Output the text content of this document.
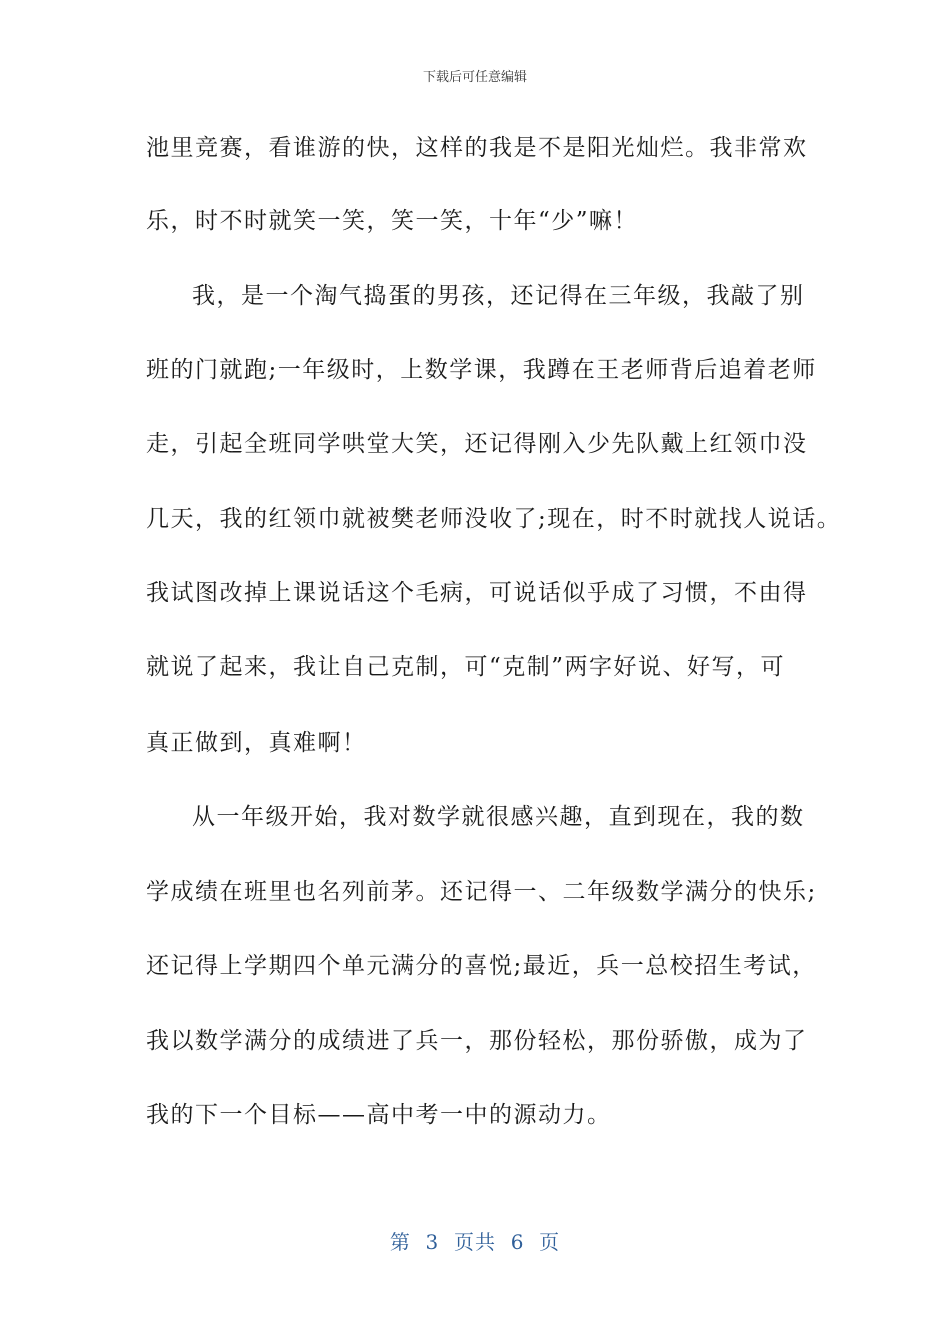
下载后可任意编辑
池里竞赛，看谁游的快，这样的我是不是阳光灿烂。我非常欢
乐，时不时就笑一笑，笑一笑，十年“少”嘛！
我，是一个淘气捣蛋的男孩，还记得在三年级，我敲了别
班的门就跑;一年级时，上数学课，我蹲在王老师背后追着老师
走，引起全班同学哄堂大笑，还记得刚入少先队戴上红领巾没
几天，我的红领巾就被樊老师没收了;现在，时不时就找人说话。
我试图改掉上课说话这个毛病，可说话似乎成了习惯，不由得
就说了起来，我让自己克制，可“克制”两字好说、好写，可
真正做到，真难啊！
从一年级开始，我对数学就很感兴趣，直到现在，我的数
学成绩在班里也名列前茅。还记得一、二年级数学满分的快乐;
还记得上学期四个单元满分的喜悦;最近，兵一总校招生考试，
我以数学满分的成绩进了兵一，那份轻松，那份骄傲，成为了
我的下一个目标——高中考一中的源动力。
第  3  页共  6  页
